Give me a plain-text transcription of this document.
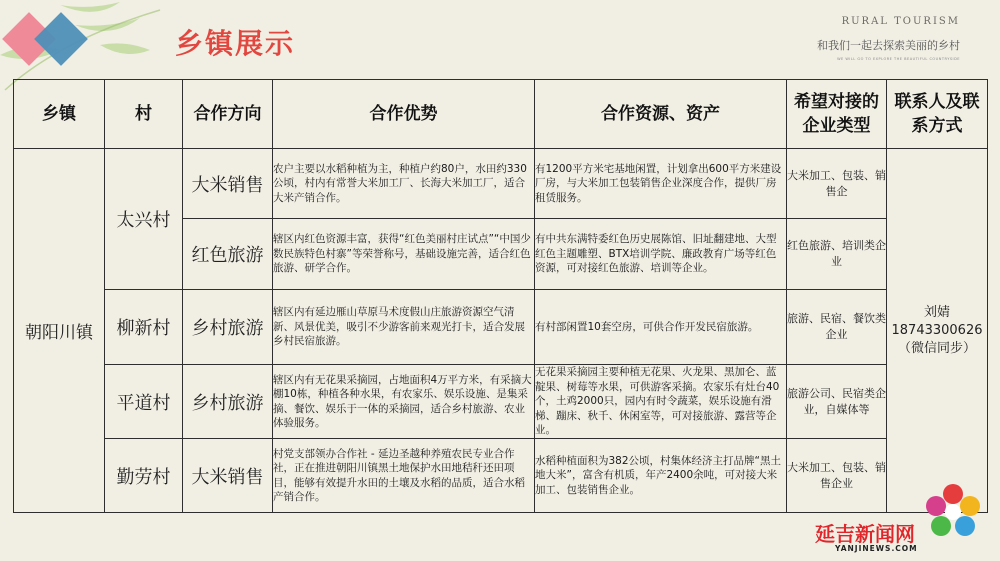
乡镇展示
RURAL TOURISM
和我们一起去探索美丽的乡村
WE WILL GO TO EXPLORE THE BEAUTIFUL COUNTRYSIDE
乡镇	村	合作方向	合作优势	合作资源、资产	希望对接的企业类型	联系人及联系方式
朝阳川镇	太兴村	大米销售	农户主要以水稻种植为主，种植户约80户，水田约330公顷，村内有常誉大米加工厂、长海大米加工厂，适合大米产销合作。	有1200平方米宅基地闲置，计划拿出600平方米建设厂房，与大米加工包装销售企业深度合作，提供厂房租赁服务。	大米加工、包装、销售企	刘婧
18743300626
（微信同步）

		红色旅游	辖区内红色资源丰富，获得“红色美丽村庄试点”“中国少数民族特色村寨”等荣誉称号，基础设施完善，适合红色旅游、研学合作。	有中共东满特委红色历史展陈馆、旧址翻建地、大型红色主题雕塑、BTX培训学院、廉政教育广场等红色资源，可对接红色旅游、培训等企业。	红色旅游、培训类企业	
	柳新村	乡村旅游	辖区内有延边雁山草原马术度假山庄旅游资源空气清新、风景优美，吸引不少游客前来观光打卡，适合发展乡村民宿旅游。	有村部闲置10套空房，可供合作开发民宿旅游。	旅游、民宿、餐饮类企业	
	平道村	乡村旅游	辖区内有无花果采摘园，占地面积4万平方米，有采摘大棚10栋，种植各种水果，有农家乐、娱乐设施、是集采摘、餐饮、娱乐于一体的采摘园，适合乡村旅游、农业体验服务。	无花果采摘园主要种植无花果、火龙果、黑加仑、蓝靛果、树莓等水果，可供游客采摘。农家乐有灶台40个，土鸡2000只，园内有时令蔬菜，娱乐设施有滑梯、蹦床、秋千、休闲室等，可对接旅游、露营等企业。	旅游公司、民宿类企业，自媒体等	
	勤劳村	大米销售	村党支部领办合作社 - 延边圣越种养殖农民专业合作社，正在推进朝阳川镇黑土地保护水田地秸秆还田项目，能够有效提升水田的土壤及水稻的品质，适合水稻产销合作。	水稻种植面积为382公顷，村集体经济主打品牌“黑土地大米”，富含有机质，年产2400余吨，可对接大米加工、包装销售企业。	大米加工、包装、销售企业	
延吉新闻网
YANJINEWS.COM
